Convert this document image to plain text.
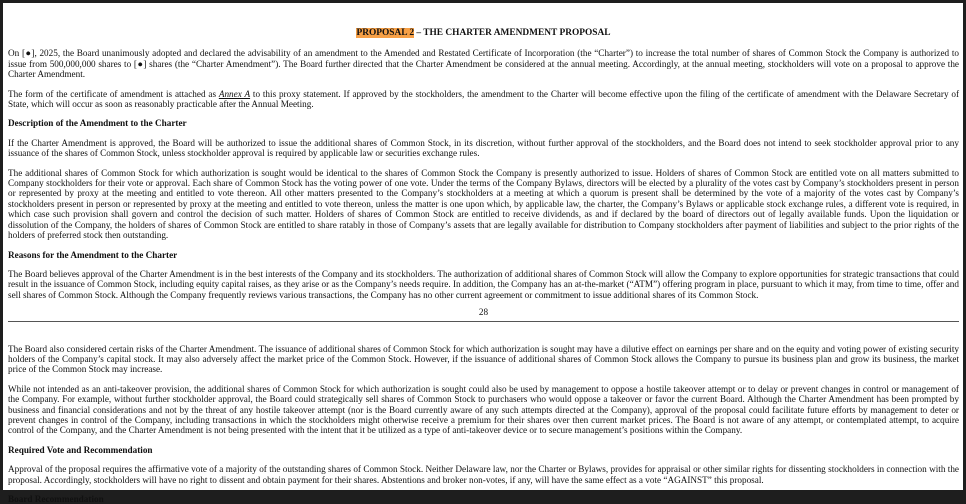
PROPOSAL 2 – THE CHARTER AMENDMENT PROPOSAL

On [●], 2025, the Board unanimously adopted and declared the advisability of an amendment to the Amended and Restated Certificate of Incorporation (the “Charter”) to increase the total number of shares of Common Stock the Company is authorized to issue from 500,000,000 shares to [●] shares (the “Charter Amendment”). The Board further directed that the Charter Amendment be considered at the annual meeting. Accordingly, at the annual meeting, stockholders will vote on a proposal to approve the Charter Amendment.

The form of the certificate of amendment is attached as Annex A to this proxy statement. If approved by the stockholders, the amendment to the Charter will become effective upon the filing of the certificate of amendment with the Delaware Secretary of State, which will occur as soon as reasonably practicable after the Annual Meeting.

Description of the Amendment to the Charter

If the Charter Amendment is approved, the Board will be authorized to issue the additional shares of Common Stock, in its discretion, without further approval of the stockholders, and the Board does not intend to seek stockholder approval prior to any issuance of the shares of Common Stock, unless stockholder approval is required by applicable law or securities exchange rules.

The additional shares of Common Stock for which authorization is sought would be identical to the shares of Common Stock the Company is presently authorized to issue. Holders of shares of Common Stock are entitled vote on all matters submitted to Company stockholders for their vote or approval. Each share of Common Stock has the voting power of one vote. Under the terms of the Company Bylaws, directors will be elected by a plurality of the votes cast by Company’s stockholders present in person or represented by proxy at the meeting and entitled to vote thereon. All other matters presented to the Company’s stockholders at a meeting at which a quorum is present shall be determined by the vote of a majority of the votes cast by Company’s stockholders present in person or represented by proxy at the meeting and entitled to vote thereon, unless the matter is one upon which, by applicable law, the charter, the Company’s Bylaws or applicable stock exchange rules, a different vote is required, in which case such provision shall govern and control the decision of such matter. Holders of shares of Common Stock are entitled to receive dividends, as and if declared by the board of directors out of legally available funds. Upon the liquidation or dissolution of the Company, the holders of shares of Common Stock are entitled to share ratably in those of Company’s assets that are legally available for distribution to Company stockholders after payment of liabilities and subject to the prior rights of the holders of preferred stock then outstanding.

Reasons for the Amendment to the Charter

The Board believes approval of the Charter Amendment is in the best interests of the Company and its stockholders. The authorization of additional shares of Common Stock will allow the Company to explore opportunities for strategic transactions that could result in the issuance of Common Stock, including equity capital raises, as they arise or as the Company’s needs require. In addition, the Company has an at-the-market (“ATM”) offering program in place, pursuant to which it may, from time to time, offer and sell shares of Common Stock. Although the Company frequently reviews various transactions, the Company has no other current agreement or commitment to issue additional shares of its Common Stock.

28

The Board also considered certain risks of the Charter Amendment. The issuance of additional shares of Common Stock for which authorization is sought may have a dilutive effect on earnings per share and on the equity and voting power of existing security holders of the Company’s capital stock. It may also adversely affect the market price of the Common Stock. However, if the issuance of additional shares of Common Stock allows the Company to pursue its business plan and grow its business, the market price of the Common Stock may increase.

While not intended as an anti-takeover provision, the additional shares of Common Stock for which authorization is sought could also be used by management to oppose a hostile takeover attempt or to delay or prevent changes in control or management of the Company. For example, without further stockholder approval, the Board could strategically sell shares of Common Stock to purchasers who would oppose a takeover or favor the current Board. Although the Charter Amendment has been prompted by business and financial considerations and not by the threat of any hostile takeover attempt (nor is the Board currently aware of any such attempts directed at the Company), approval of the proposal could facilitate future efforts by management to deter or prevent changes in control of the Company, including transactions in which the stockholders might otherwise receive a premium for their shares over then current market prices. The Board is not aware of any attempt, or contemplated attempt, to acquire control of the Company, and the Charter Amendment is not being presented with the intent that it be utilized as a type of anti-takeover device or to secure management’s positions within the Company.

Required Vote and Recommendation

Approval of the proposal requires the affirmative vote of a majority of the outstanding shares of Common Stock. Neither Delaware law, nor the Charter or Bylaws, provides for appraisal or other similar rights for dissenting stockholders in connection with the proposal. Accordingly, stockholders will have no right to dissent and obtain payment for their shares. Abstentions and broker non-votes, if any, will have the same effect as a vote “AGAINST” this proposal.

Board Recommendation
